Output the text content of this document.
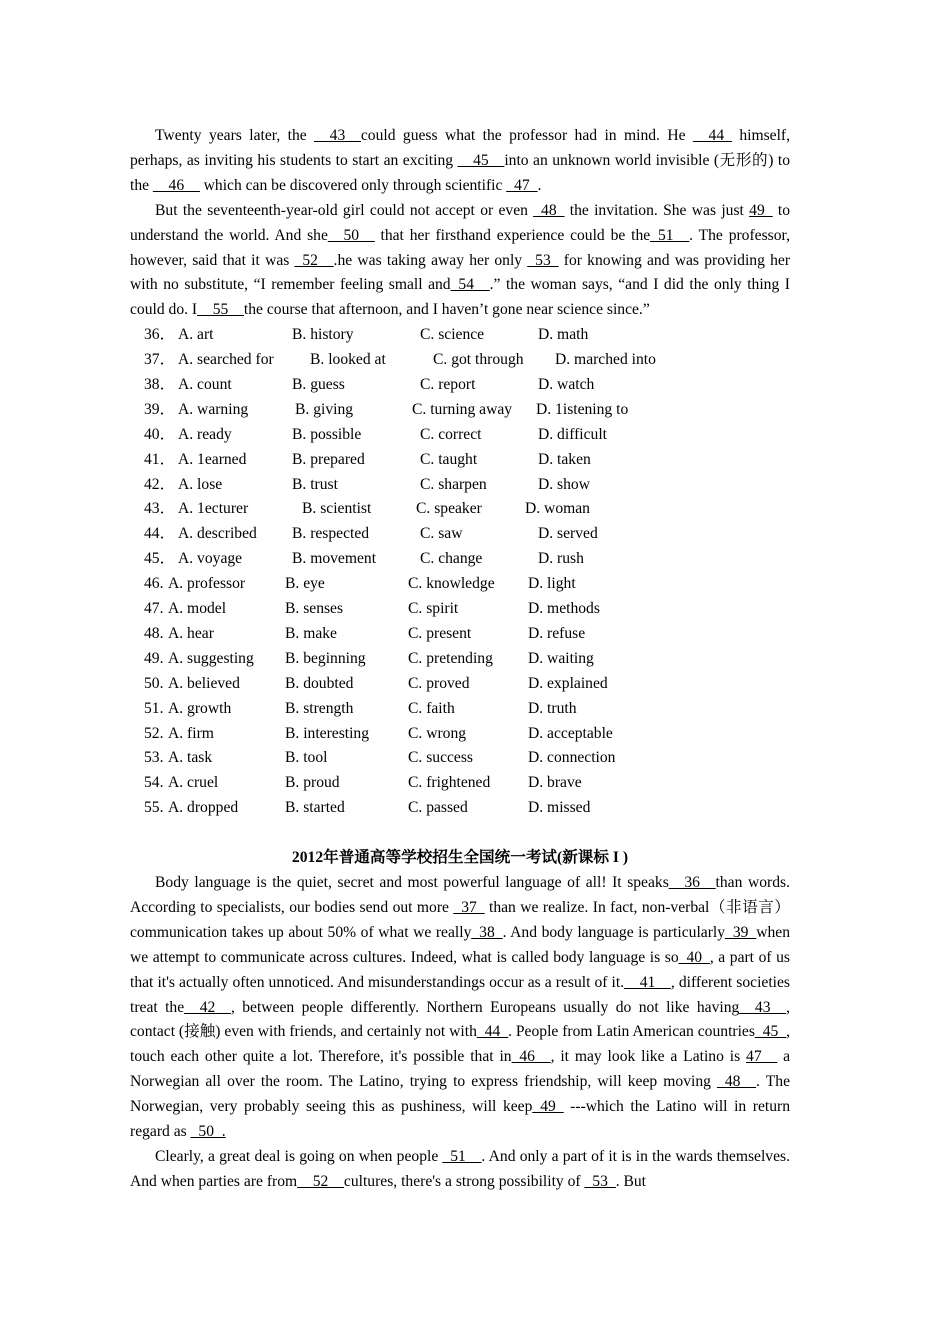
Twenty years later, the __43__could guess what the professor had in mind. He __44_ himself, perhaps, as inviting his students to start an exciting __45__into an unknown world invisible (无形的) to the __46__ which can be discovered only through scientific _47_.

But the seventeenth-year-old girl could not accept or even _48_ the invitation. She was just 49_ to understand the world. And she__50__ that her firsthand experience could be the_51__. The professor, however, said that it was _52__.he was taking away her only _53_ for knowing and was providing her with no substitute, “I remember feeling small and_54__.” the woman says, “and I did the only thing I could do. I__55__the course that afternoon, and I haven’t gone near science since.”

36． A. art	B. history	C. science	D. math
37． A. searched for B. looked at	C. got through D. marched into
38． A. count	B. guess	C. report	D. watch
39． A. warning	B. giving	C. turning away D. 1istening to
40． A. ready	B. possible	C. correct	D. difficult
41． A. 1earned	B. prepared	C. taught	D. taken
42． A. lose	B. trust	C. sharpen	D. show
43． A. 1ecturer	B. scientist	C. speaker	D. woman
44． A. described B. respected	C. saw	D. served
45． A. voyage	B. movement	C. change	D. rush
46. A. professor	B. eye	C. knowledge D. light
47. A. model	B. senses	C. spirit	D. methods
48. A. hear	B. make	C. present	D. refuse
49. A. suggesting B. beginning	C. pretending D. waiting
50. A. believed	B. doubted	C. proved	D. explained
51. A. growth	B. strength	C. faith	D. truth
52. A. firm	B. interesting C. wrong	D. acceptable
53. A. task	B. tool	C. success	D. connection
54. A. cruel	B. proud	C. frightened D. brave
55. A. dropped	B. started	C. passed	D. missed
2012年普通高等学校招生全国统一考试(新课标 I )

Body language is the quiet, secret and most powerful language of all! It speaks__36__than words. According to specialists, our bodies send out more _37_ than we realize. In fact, non-verbal（非语言）communication takes up about 50% of what we really_38_. And body language is particularly_39_when we attempt to communicate across cultures. Indeed, what is called body language is so_40_, a part of us that it's actually often unnoticed. And misunderstandings occur as a result of it.__41__, different societies treat the__42__, between people differently. Northern Europeans usually do not like having__43__, contact (接触) even with friends, and certainly not with_44_. People from Latin American countries_45_, touch each other quite a lot. Therefore, it's possible that in_46__, it may look like a Latino is 47__ a Norwegian all over the room. The Latino, trying to express friendship, will keep moving _48__. The Norwegian, very probably seeing this as pushiness, will keep_49_ ---which the Latino will in return regard as _50_.

Clearly, a great deal is going on when people _51__. And only a part of it is in the wards themselves. And when parties are from__52__cultures, there's a strong possibility of _53_. But
